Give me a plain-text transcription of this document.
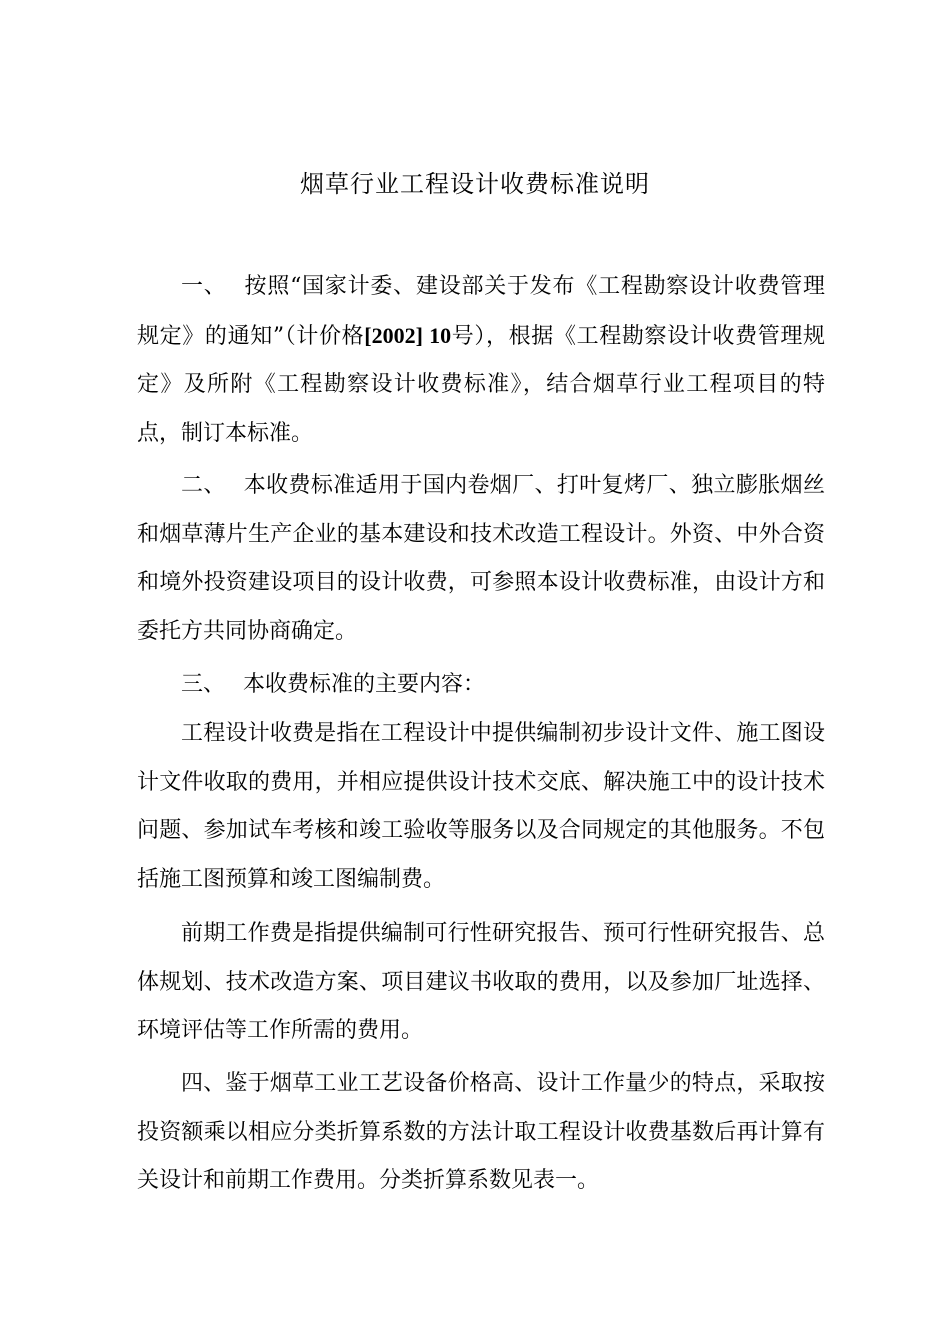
烟草行业工程设计收费标准说明

一、 按照“国家计委、建设部关于发布《工程勘察设计收费管理规定》的通知”（计价格[2002] 10号），根据《工程勘察设计收费管理规定》及所附《工程勘察设计收费标准》，结合烟草行业工程项目的特点，制订本标准。

二、 本收费标准适用于国内卷烟厂、打叶复烤厂、独立膨胀烟丝和烟草薄片生产企业的基本建设和技术改造工程设计。外资、中外合资和境外投资建设项目的设计收费，可参照本设计收费标准，由设计方和委托方共同协商确定。

三、 本收费标准的主要内容：

工程设计收费是指在工程设计中提供编制初步设计文件、施工图设计文件收取的费用，并相应提供设计技术交底、解决施工中的设计技术问题、参加试车考核和竣工验收等服务以及合同规定的其他服务。不包括施工图预算和竣工图编制费。

前期工作费是指提供编制可行性研究报告、预可行性研究报告、总体规划、技术改造方案、项目建议书收取的费用，以及参加厂址选择、环境评估等工作所需的费用。

四、鉴于烟草工业工艺设备价格高、设计工作量少的特点，采取按投资额乘以相应分类折算系数的方法计取工程设计收费基数后再计算有关设计和前期工作费用。分类折算系数见表一。
